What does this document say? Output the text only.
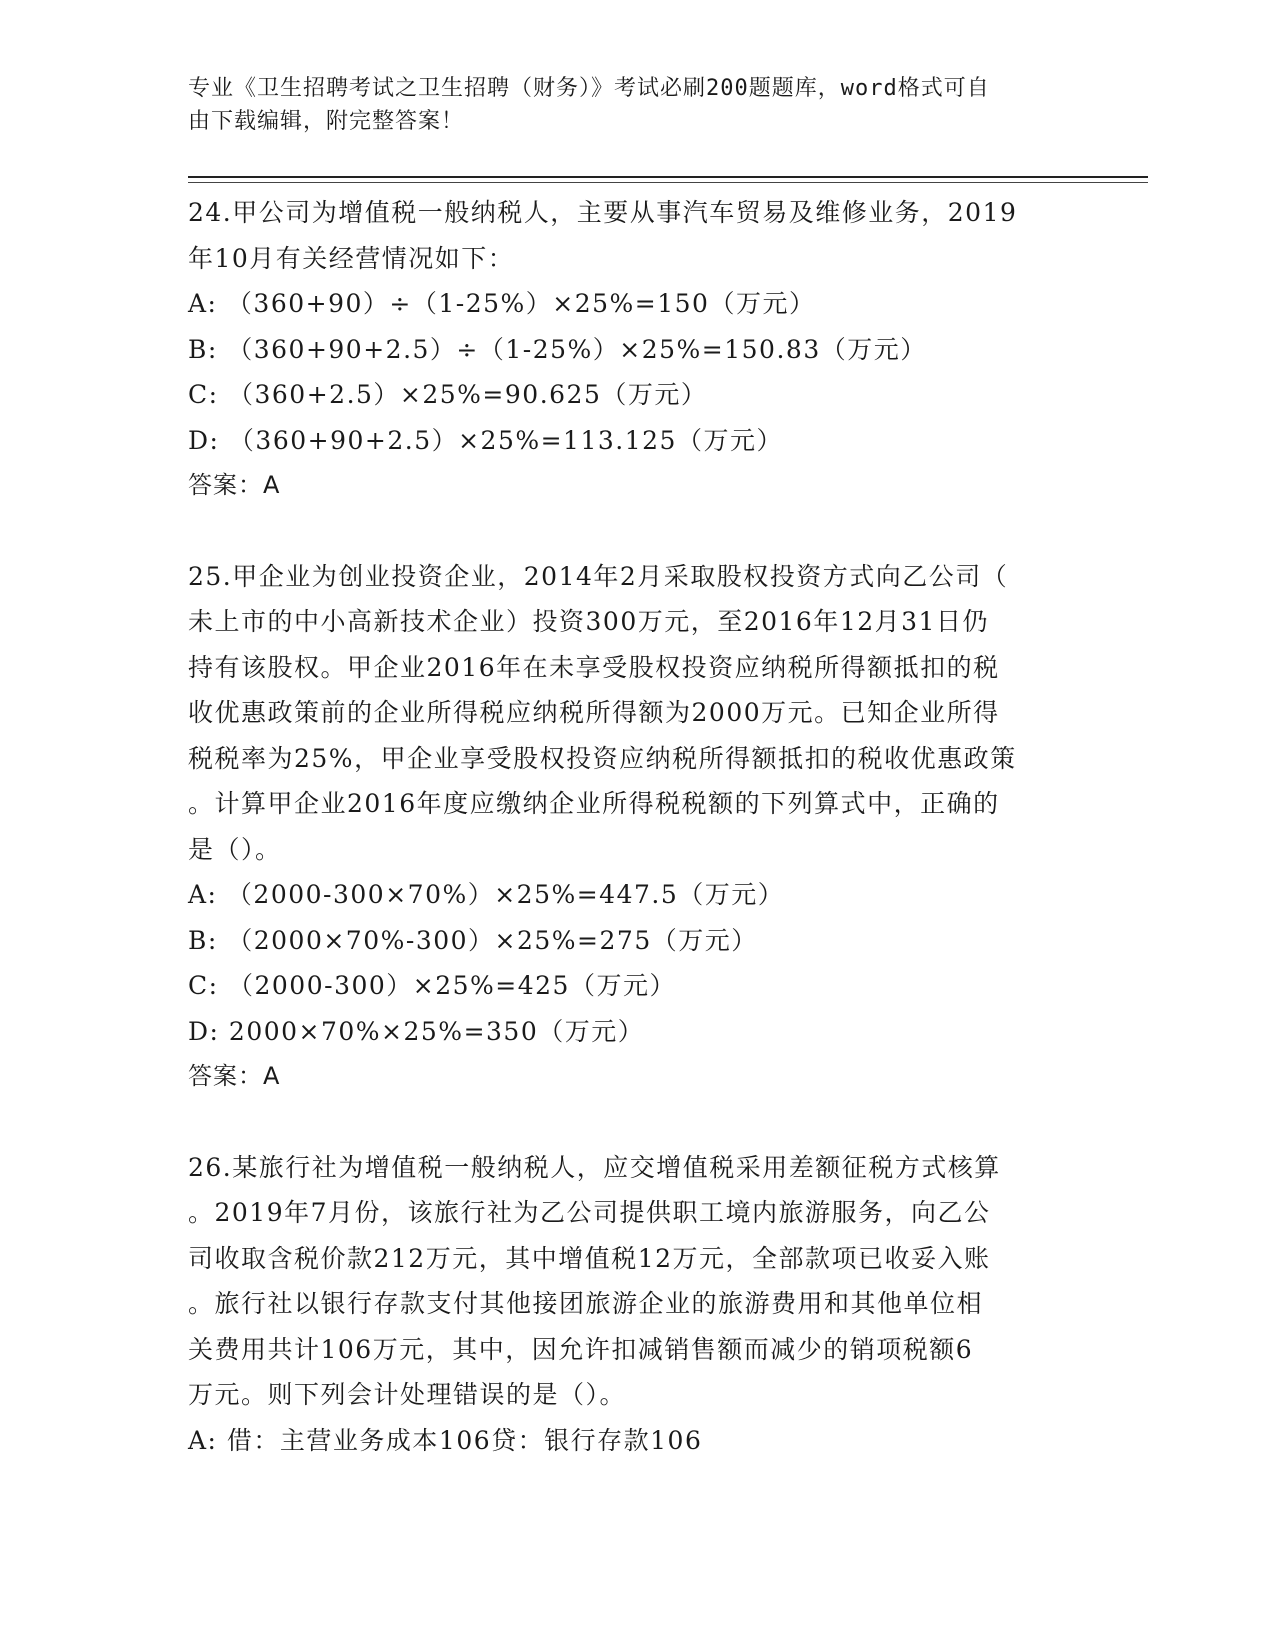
专业《卫生招聘考试之卫生招聘（财务）》考试必刷200题题库，word格式可自
由下载编辑，附完整答案！

24.甲公司为增值税一般纳税人，主要从事汽车贸易及维修业务，2019

年10月有关经营情况如下：

A: （360+90）÷（1-25%）×25%=150（万元）

B: （360+90+2.5）÷（1-25%）×25%=150.83（万元）

C: （360+2.5）×25%=90.625（万元）

D: （360+90+2.5）×25%=113.125（万元）

答案：A

25.甲企业为创业投资企业，2014年2月采取股权投资方式向乙公司（

未上市的中小高新技术企业）投资300万元，至2016年12月31日仍

持有该股权。甲企业2016年在未享受股权投资应纳税所得额抵扣的税

收优惠政策前的企业所得税应纳税所得额为2000万元。已知企业所得

税税率为25%，甲企业享受股权投资应纳税所得额抵扣的税收优惠政策

。计算甲企业2016年度应缴纳企业所得税税额的下列算式中，正确的

是（）。

A: （2000-300×70%）×25%=447.5（万元）

B: （2000×70%-300）×25%=275（万元）

C: （2000-300）×25%=425（万元）

D: 2000×70%×25%=350（万元）

答案：A

26.某旅行社为增值税一般纳税人，应交增值税采用差额征税方式核算

。2019年7月份，该旅行社为乙公司提供职工境内旅游服务，向乙公

司收取含税价款212万元，其中增值税12万元，全部款项已收妥入账

。旅行社以银行存款支付其他接团旅游企业的旅游费用和其他单位相

关费用共计106万元，其中，因允许扣减销售额而减少的销项税额6

万元。则下列会计处理错误的是（）。

A: 借：主营业务成本106贷：银行存款106
